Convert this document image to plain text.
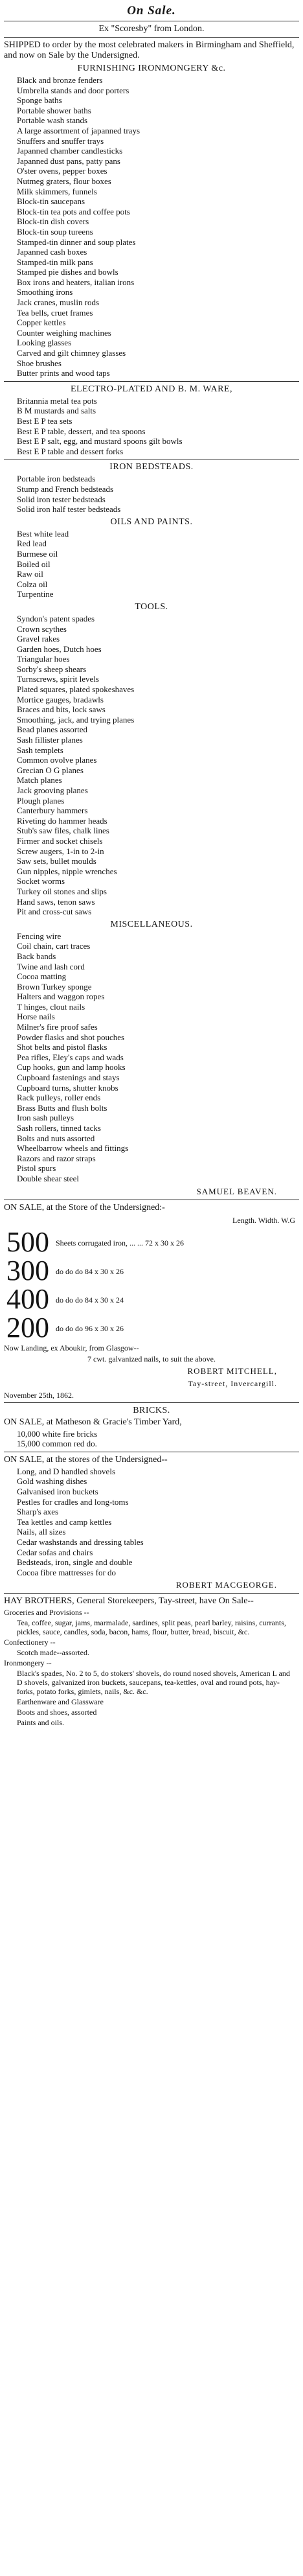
On Sale.
Ex "Scoresby" from London.
SHIPPED to order by the most celebrated makers in Birmingham and Sheffield, and now on Sale by the Undersigned.
FURNISHING IRONMONGERY &c.
Black and bronze fenders
Umbrella stands and door porters
Sponge baths
Portable shower baths
Portable wash stands
A large assortment of japanned trays
Snuffers and snuffer trays
Japanned chamber candlesticks
Japanned dust pans, patty pans
O'ster ovens, pepper boxes
Nutmeg graters, flour boxes
Milk skimmers, funnels
Block-tin saucepans
Block-tin tea pots and coffee pots
Block-tin dish covers
Block-tin soup tureens
Stamped-tin dinner and soup plates
Japanned cash boxes
Stamped-tin milk pans
Stamped pie dishes and bowls
Box irons and heaters, italian irons
Smoothing irons
Jack cranes, muslin rods
Tea bells, cruet frames
Copper kettles
Counter weighing machines
Looking glasses
Carved and gilt chimney glasses
Shoe brushes
Butter prints and wood taps
ELECTRO-PLATED AND B. M. WARE,
Britannia metal tea pots
B M mustards and salts
Best E P tea sets
Best E P table, dessert, and tea spoons
Best E P salt, egg, and mustard spoons gilt bowls
Best E P table and dessert forks
IRON BEDSTEADS.
Portable iron bedsteads
Stump and French bedsteads
Solid iron tester bedsteads
Solid iron half tester bedsteads
OILS AND PAINTS.
Best white lead
Red lead
Burmese oil
Boiled oil
Raw oil
Colza oil
Turpentine
TOOLS.
Syndon's patent spades
Crown scythes
Gravel rakes
Garden hoes, Dutch hoes
Triangular hoes
Sorby's sheep shears
Turnscrews, spirit levels
Plated squares, plated spokeshaves
Mortice gauges, bradawls
Braces and bits, lock saws
Smoothing, jack, and trying planes
Bead planes assorted
Sash fillister planes
Sash templets
Common ovolve planes
Grecian O G planes
Match planes
Jack grooving planes
Plough planes
Canterbury hammers
Riveting do hammer heads
Stub's saw files, chalk lines
Firmer and socket chisels
Screw augers, 1-in to 2-in
Saw sets, bullet moulds
Gun nipples, nipple wrenches
Socket worms
Turkey oil stones and slips
Hand saws, tenon saws
Pit and cross-cut saws
MISCELLANEOUS.
Fencing wire
Coil chain, cart traces
Back bands
Twine and lash cord
Cocoa matting
Brown Turkey sponge
Halters and waggon ropes
T hinges, clout nails
Horse nails
Milner's fire proof safes
Powder flasks and shot pouches
Shot belts and pistol flasks
Pea rifles, Eley's caps and wads
Cup hooks, gun and lamp hooks
Cupboard fastenings and stays
Cupboard turns, shutter knobs
Rack pulleys, roller ends
Brass Butts and flush bolts
Iron sash pulleys
Sash rollers, tinned tacks
Bolts and nuts assorted
Wheelbarrow wheels and fittings
Razors and razor straps
Pistol spurs
Double shear steel
SAMUEL BEAVEN.
ON SALE, at the Store of the Undersigned:-
Length. Width. W.G
500 Sheets corrugated iron, ... ... 72 x 30 x 26
300 do do do 84 x 30 x 26
400 do do do 84 x 30 x 24
200 do do do 96 x 30 x 26
Now Landing, ex Aboukir, from Glasgow--
7 cwt. galvanized nails, to suit the above.
ROBERT MITCHELL,
Tay-street, Invercargill.
November 25th, 1862.
BRICKS.
ON SALE, at Matheson & Gracie's Timber Yard,
10,000 white fire bricks
15,000 common red do.
ON SALE, at the stores of the Undersigned--
Long, and D handled shovels
Gold washing dishes
Galvanised iron buckets
Pestles for cradles and long-toms
Sharp's axes
Tea kettles and camp kettles
Nails, all sizes
Cedar washstands and dressing tables
Cedar sofas and chairs
Bedsteads, iron, single and double
Cocoa fibre mattresses for do
ROBERT MACGEORGE.
HAY BROTHERS, General Storekeepers, Tay-street, have On Sale--
Groceries and Provisions --
Tea, coffee, sugar, jams, marmalade, sardines, split peas, pearl barley, raisins, currants, pickles, sauce, candles, soda, bacon, hams, flour, butter, bread, biscuit, &c.
Confectionery --
Scotch made--assorted.
Ironmongery --
Black's spades, No. 2 to 5, do stokers' shovels, do round nosed shovels, American L and D shovels, galvanized iron buckets, saucepans, tea-kettles, oval and round pots, hay-forks, potato forks, gimlets, nails, &c. &c.
Earthenware and Glassware
Boots and shoes, assorted
Paints and oils.
